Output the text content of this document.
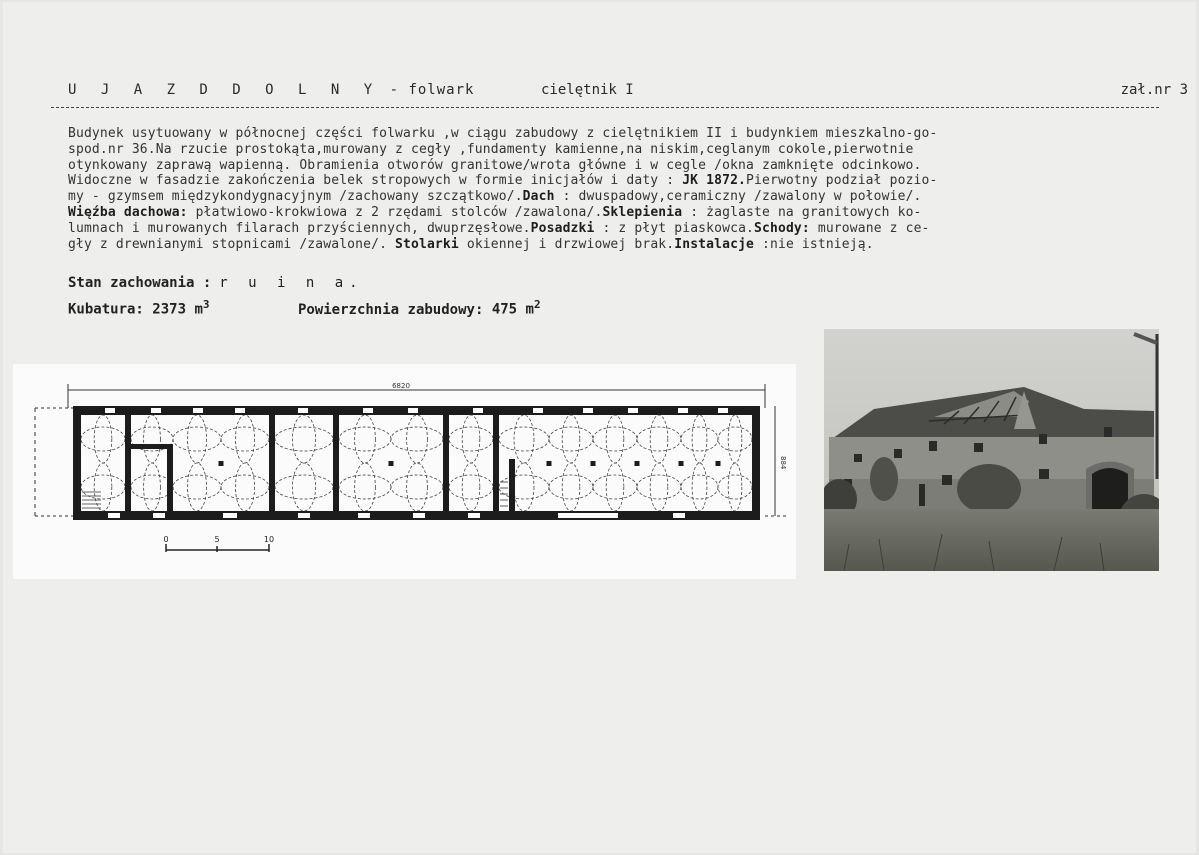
U J A Z D D O L N Y - folwark	cielętnik I	zał.nr 3
Budynek usytuowany w północnej części folwarku ,w ciągu zabudowy z cielętnikiem II i budynkiem mieszkalno-go-
spod.nr 36.Na rzucie prostokąta,murowany z cegły ,fundamenty kamienne,na niskim,ceglanym cokole,pierwotnie
otynkowany zaprawą wapienną. Obramienia otworów granitowe/wrota główne i w cegle /okna zamknięte odcinkowo.
Widoczne w fasadzie zakończenia belek stropowych w formie inicjałów i daty : JK 1872.Pierwotny podział pozio-
my - gzymsem międzykondygnacyjnym /zachowany szczątkowo/.Dach : dwuspadowy,ceramiczny /zawalony w połowie/.
Więźba dachowa: płatwiowo-krokwiowa z 2 rzędami stolców /zawalona/.Sklepienia : żaglaste na granitowych ko-
lumnach i murowanych filarach przyściennych, dwuprzęsłowe.Posadzki : z płyt piaskowca.Schody: murowane z ce-
gły z drewnianymi stopnicami /zawalone/. Stolarki okiennej i drzwiowej brak.Instalacje :nie istnieją.
Stan zachowania : r u i n a.
Kubatura: 2373 $m^3$	Powierzchnia zabudowy: 475 $m^2$
6820
884
0	5	10
